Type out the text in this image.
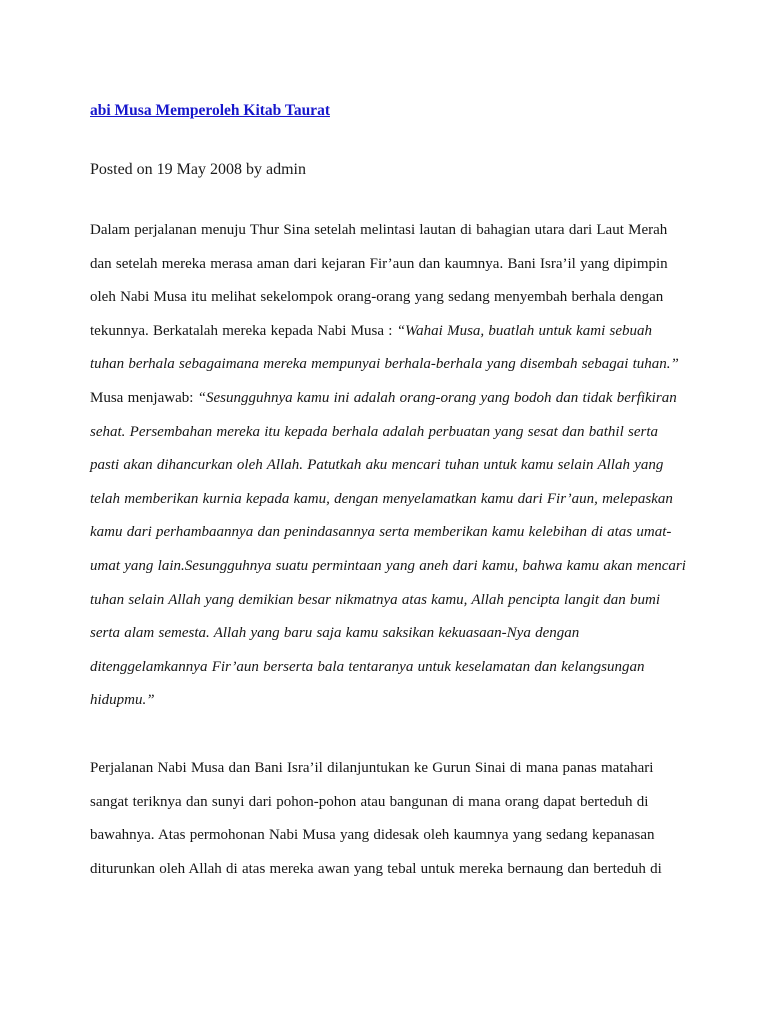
abi Musa Memperoleh Kitab Taurat
Posted on 19 May 2008 by admin

Dalam perjalanan menuju Thur Sina setelah melintasi lautan di bahagian utara dari Laut Merah dan setelah mereka merasa aman dari kejaran Fir’aun dan kaumnya. Bani Isra’il yang dipimpin oleh Nabi Musa itu melihat sekelompok orang-orang yang sedang menyembah berhala dengan tekunnya. Berkatalah mereka kepada Nabi Musa : “Wahai Musa, buatlah untuk kami sebuah tuhan berhala sebagaimana mereka mempunyai berhala-berhala yang disembah sebagai tuhan.” Musa menjawab: “Sesungguhnya kamu ini adalah orang-orang yang bodoh dan tidak berfikiran sehat. Persembahan mereka itu kepada berhala adalah perbuatan yang sesat dan bathil serta pasti akan dihancurkan oleh Allah. Patutkah aku mencari tuhan untuk kamu selain Allah yang telah memberikan kurnia kepada kamu, dengan menyelamatkan kamu dari Fir’aun, melepaskan kamu dari perhambaannya dan penindasannya serta memberikan kamu kelebihan di atas umat-umat yang lain.Sesungguhnya suatu permintaan yang aneh dari kamu, bahwa kamu akan mencari tuhan selain Allah yang demikian besar nikmatnya atas kamu, Allah pencipta langit dan bumi serta alam semesta. Allah yang baru saja kamu saksikan kekuasaan-Nya dengan ditenggelamkannya Fir’aun berserta bala tentaranya untuk keselamatan dan kelangsungan hidupmu.”

Perjalanan Nabi Musa dan Bani Isra’il dilanjuntukan ke Gurun Sinai di mana panas matahari sangat teriknya dan sunyi dari pohon-pohon atau bangunan di mana orang dapat berteduh di bawahnya. Atas permohonan Nabi Musa yang didesak oleh kaumnya yang sedang kepanasan diturunkan oleh Allah di atas mereka awan yang tebal untuk mereka bernaung dan berteduh di
